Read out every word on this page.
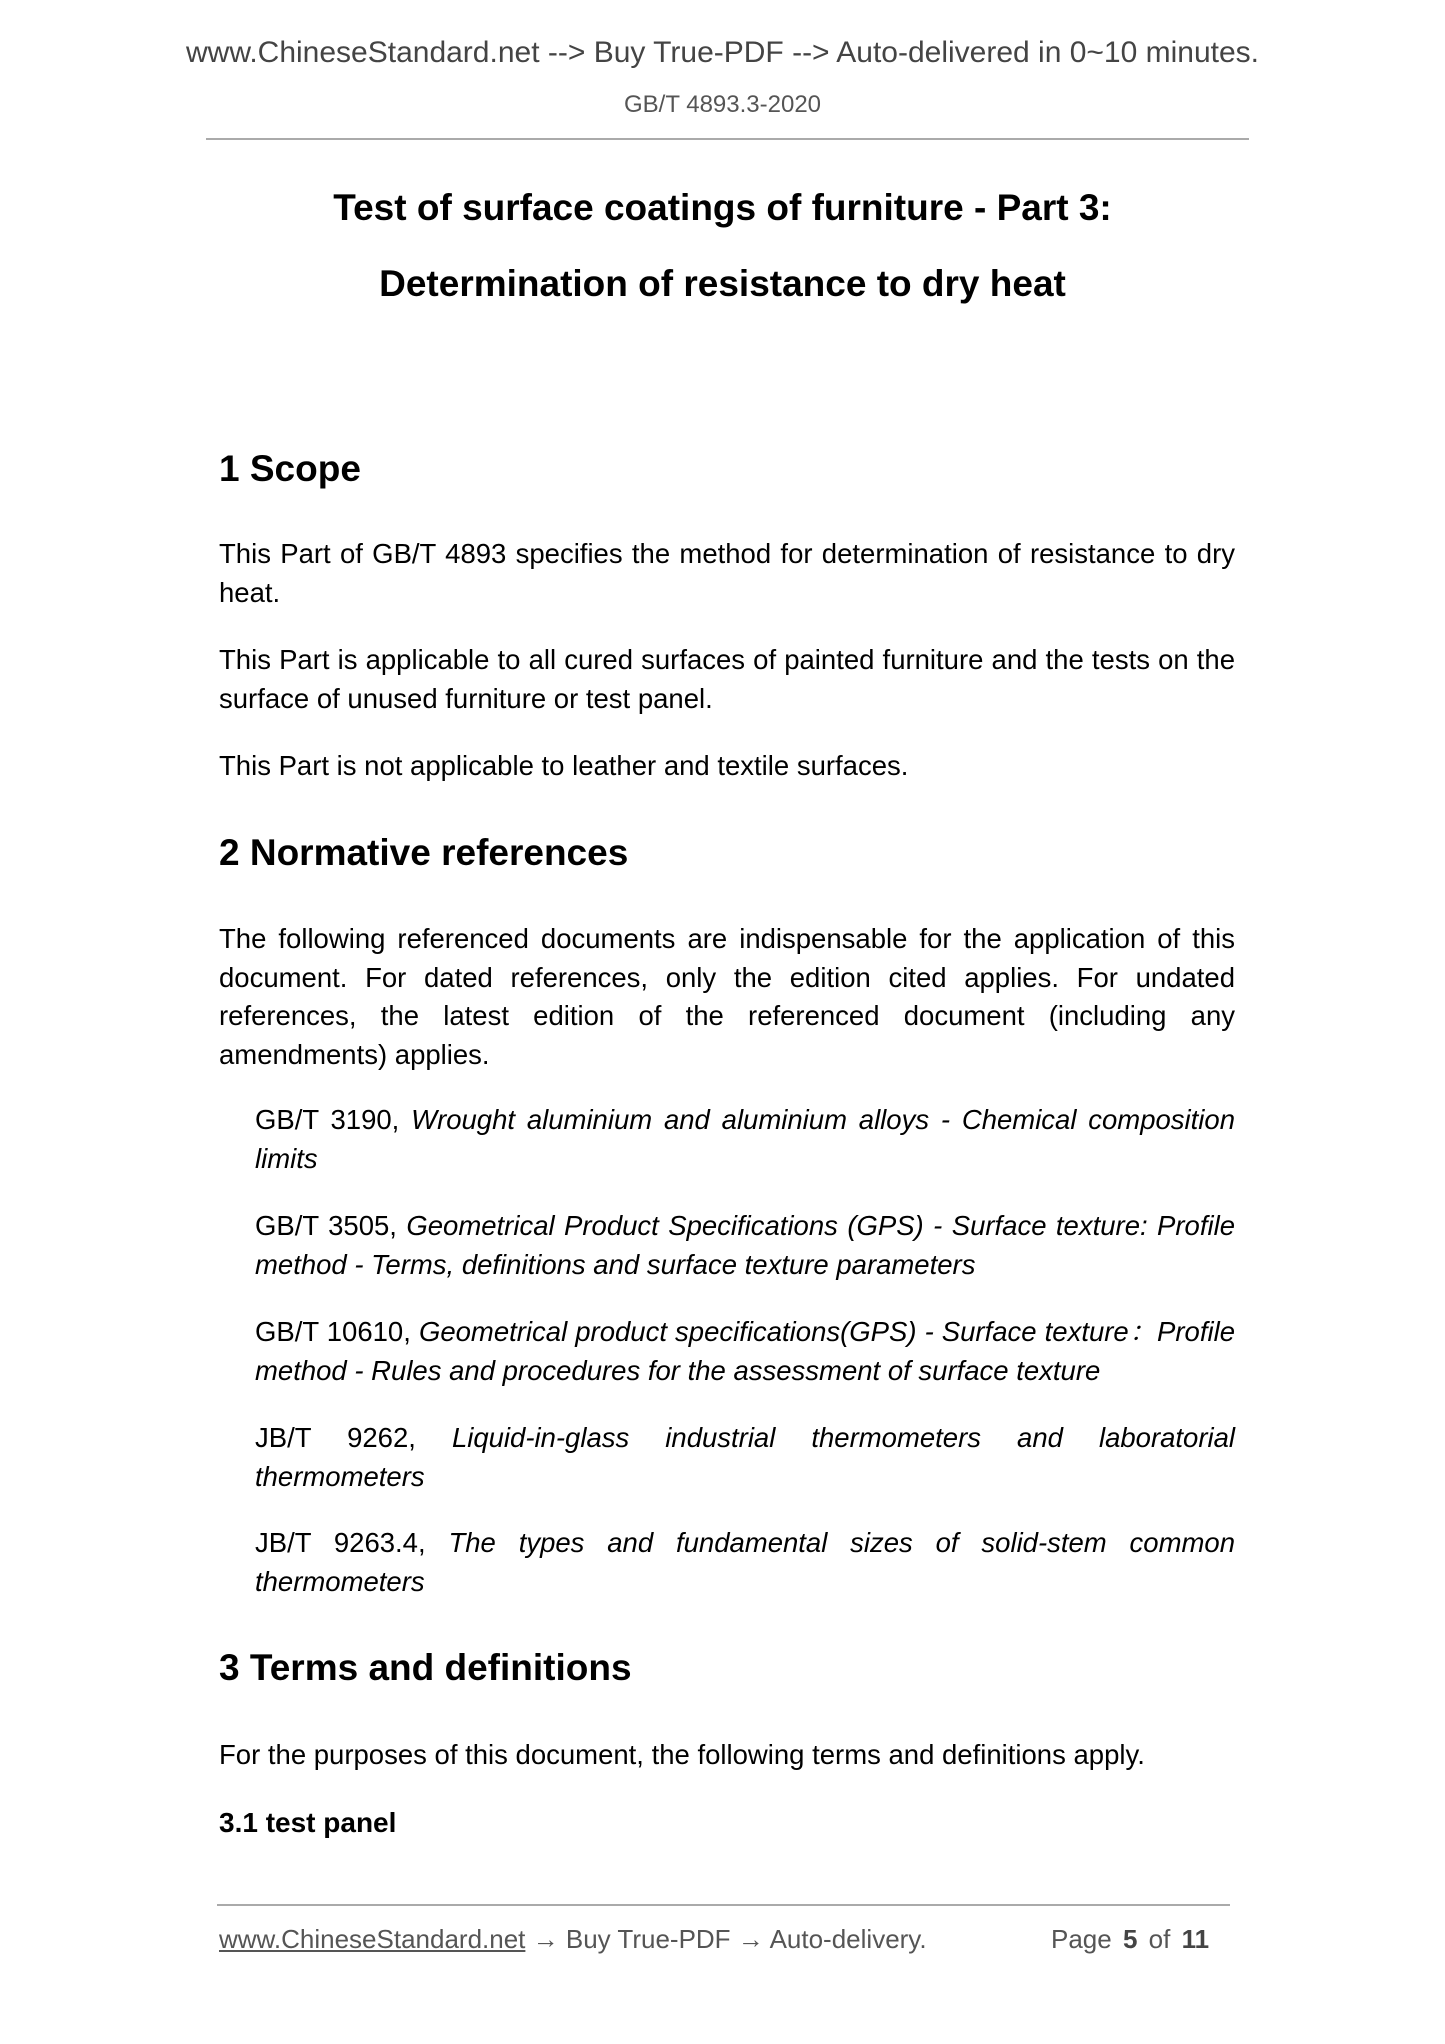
www.ChineseStandard.net --> Buy True-PDF --> Auto-delivered in 0~10 minutes.
GB/T 4893.3-2020
Test of surface coatings of furniture - Part 3:
Determination of resistance to dry heat
1 Scope
This Part of GB/T 4893 specifies the method for determination of resistance to dry heat.
This Part is applicable to all cured surfaces of painted furniture and the tests on the surface of unused furniture or test panel.
This Part is not applicable to leather and textile surfaces.
2 Normative references
The following referenced documents are indispensable for the application of this document. For dated references, only the edition cited applies. For undated references, the latest edition of the referenced document (including any amendments) applies.
GB/T 3190, Wrought aluminium and aluminium alloys - Chemical composition limits
GB/T 3505, Geometrical Product Specifications (GPS) - Surface texture: Profile method - Terms, definitions and surface texture parameters
GB/T 10610, Geometrical product specifications(GPS) - Surface texture：Profile method - Rules and procedures for the assessment of surface texture
JB/T 9262, Liquid-in-glass industrial thermometers and laboratorial thermometers
JB/T 9263.4, The types and fundamental sizes of solid-stem common thermometers
3 Terms and definitions
For the purposes of this document, the following terms and definitions apply.
3.1 test panel
www.ChineseStandard.net → Buy True-PDF → Auto-delivery.	Page 5 of 11
